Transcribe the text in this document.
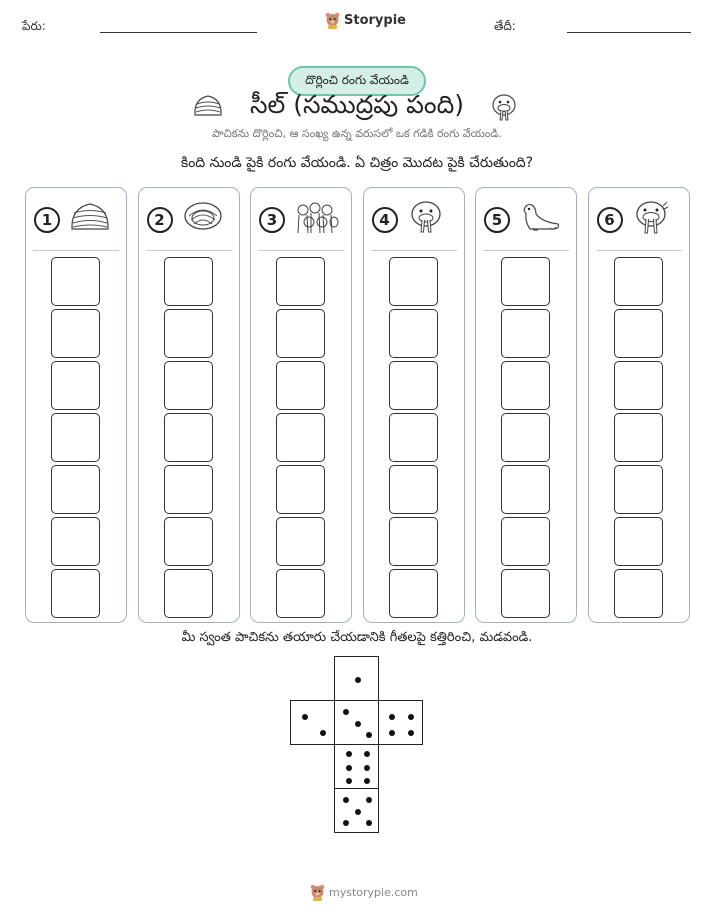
పేరు:	Storypie	తేదీ:
దొర్లించి రంగు వేయండి
సీల్ (సముద్రపు పంది)
పాచికను దొర్లించి, ఆ సంఖ్య ఉన్న వరుసలో ఒక గడికి రంగు వేయండి.
కింది నుండి పైకి రంగు వేయండి. ఏ చిత్రం మొదట పైకి చేరుతుంది?
1	2	3	4	5	6
మీ స్వంత పాచికను తయారు చేయడానికి గీతలపై కత్తిరించి, మడవండి.
mystorypie.com
